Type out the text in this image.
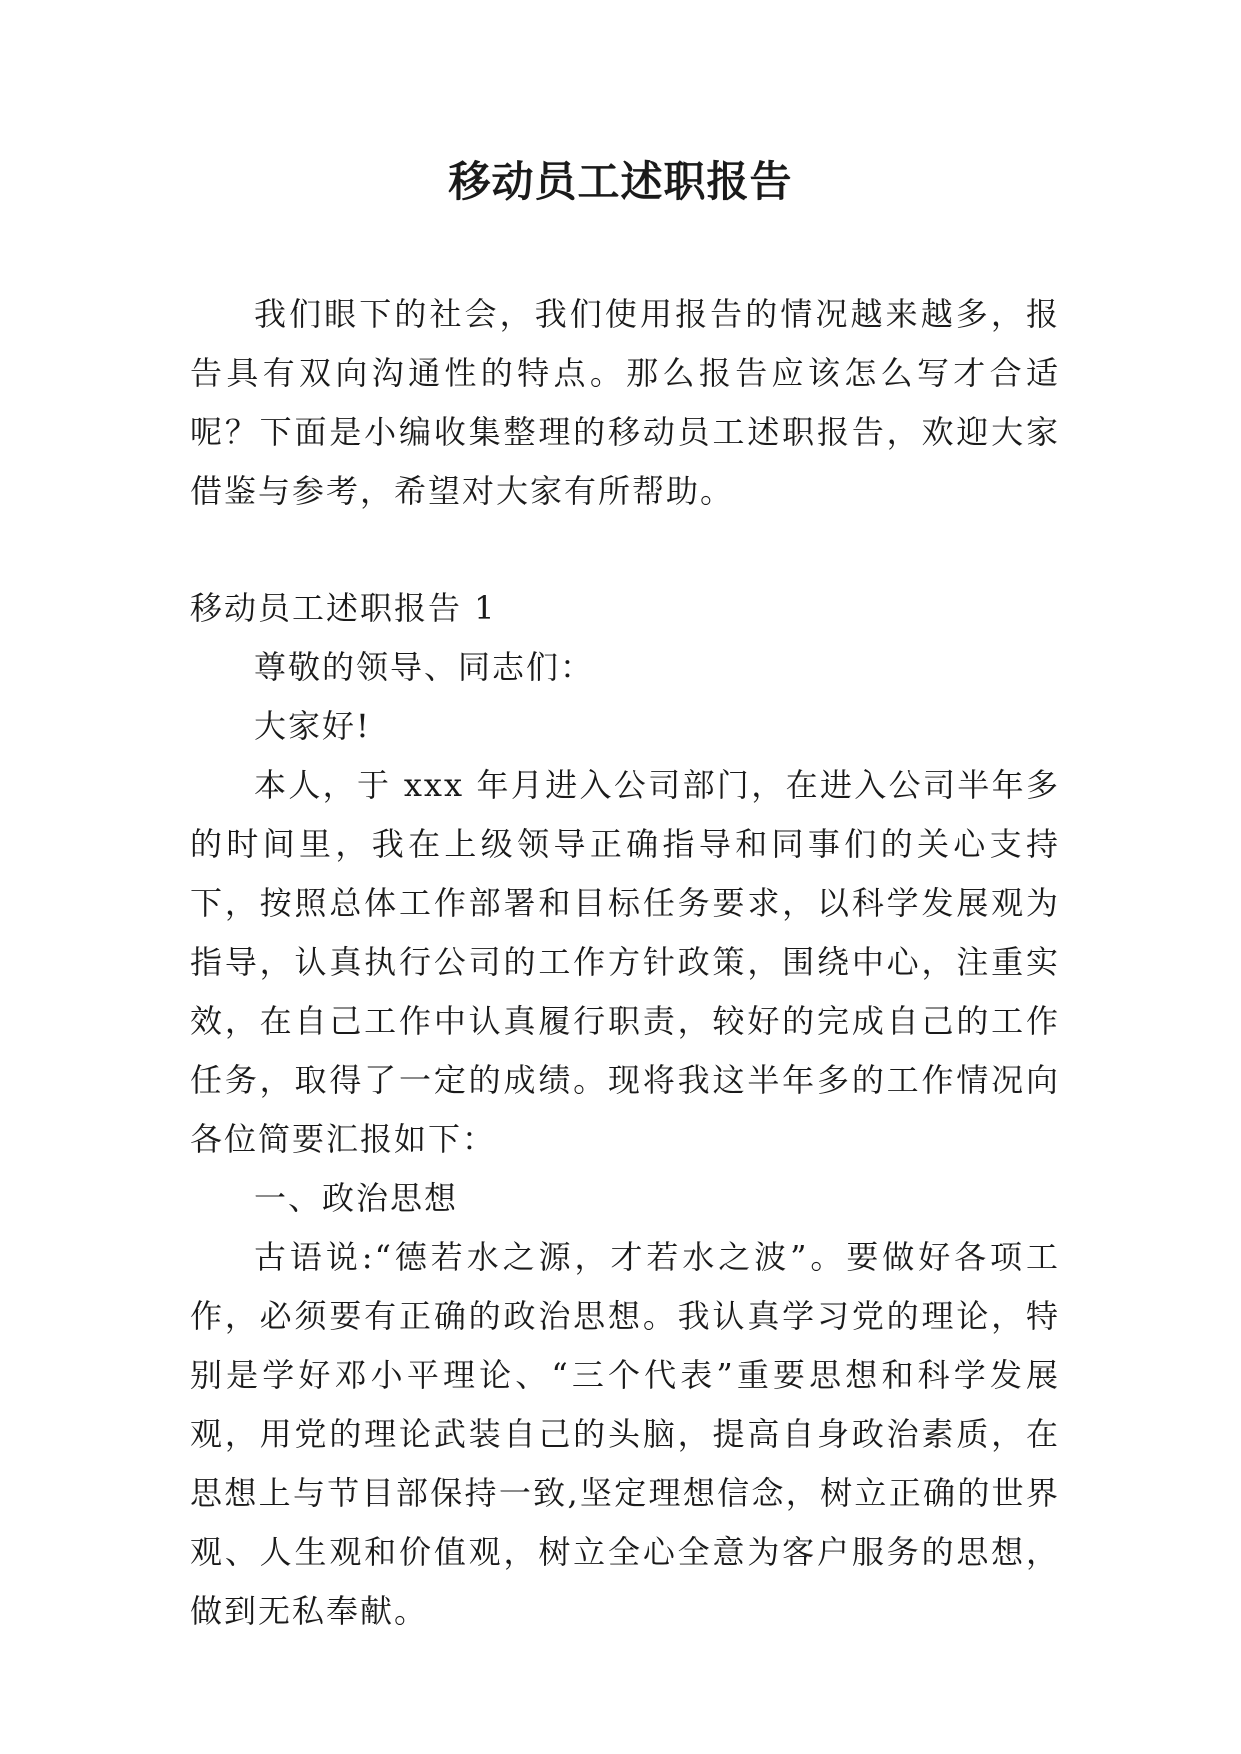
移动员工述职报告

我们眼下的社会，我们使用报告的情况越来越多，报告具有双向沟通性的特点。那么报告应该怎么写才合适呢？下面是小编收集整理的移动员工述职报告，欢迎大家借鉴与参考，希望对大家有所帮助。

移动员工述职报告 1

尊敬的领导、同志们：

大家好!

本人，于 xxx 年月进入公司部门，在进入公司半年多的时间里，我在上级领导正确指导和同事们的关心支持下，按照总体工作部署和目标任务要求，以科学发展观为指导，认真执行公司的工作方针政策，围绕中心，注重实效，在自己工作中认真履行职责，较好的完成自己的工作任务，取得了一定的成绩。现将我这半年多的工作情况向各位简要汇报如下：

一、政治思想

古语说:“德若水之源，才若水之波”。要做好各项工作，必须要有正确的政治思想。我认真学习党的理论，特别是学好邓小平理论、“三个代表”重要思想和科学发展观，用党的理论武装自己的头脑，提高自身政治素质，在思想上与节目部保持一致,坚定理想信念，树立正确的世界观、人生观和价值观，树立全心全意为客户服务的思想，做到无私奉献。
